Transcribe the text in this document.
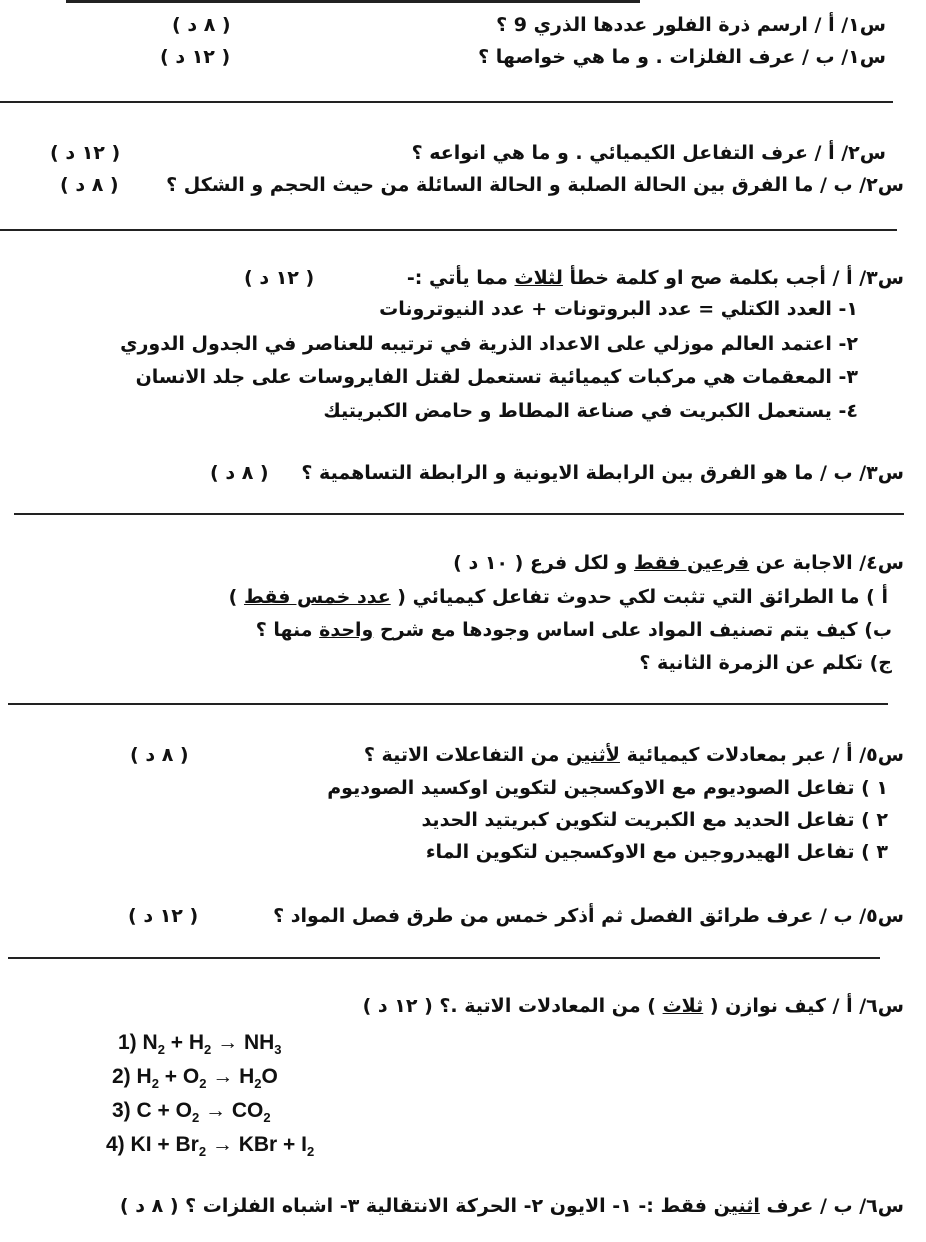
س١/ أ / ارسم ذرة الفلور عددها الذري 9 ؟
( ٨ د )
س١/ ب / عرف الفلزات . و ما هي خواصها ؟
( ١٢ د )
س٢/ أ / عرف التفاعل الكيميائي . و ما هي انواعه ؟
( ١٢ د )
س٢/ ب / ما الفرق بين الحالة الصلبة و الحالة السائلة من حيث الحجم و الشكل ؟
( ٨ د )
س٣/ أ / أجب بكلمة صح او كلمة خطأ لثلاث مما يأتي :-
( ١٢ د )
١- العدد الكتلي = عدد البروتونات + عدد النيوترونات
٢- اعتمد العالم موزلي على الاعداد الذرية في ترتيبه للعناصر في الجدول الدوري
٣- المعقمات هي مركبات كيميائية تستعمل لقتل الفايروسات على جلد الانسان
٤- يستعمل الكبريت في صناعة المطاط و حامض الكبريتيك
س٣/ ب / ما هو الفرق بين الرابطة الايونية و الرابطة التساهمية ؟
( ٨ د )
س٤/ الاجابة عن فرعين فقط و لكل فرع ( ١٠ د )
أ ) ما الطرائق التي تثبت لكي حدوث تفاعل كيميائي ( عدد خمس فقط )
ب) كيف يتم تصنيف المواد على اساس وجودها مع شرح واحدة منها ؟
ج) تكلم عن الزمرة الثانية ؟
س٥/ أ / عبر بمعادلات كيميائية لأثنين من التفاعلات الاتية ؟
( ٨ د )
١ ) تفاعل الصوديوم مع الاوكسجين لتكوين اوكسيد الصوديوم
٢ ) تفاعل الحديد مع الكبريت لتكوين كبريتيد الحديد
٣ ) تفاعل الهيدروجين مع الاوكسجين لتكوين الماء
س٥/ ب / عرف طرائق الفصل ثم أذكر خمس من طرق فصل المواد ؟
( ١٢ د )
س٦/ أ / كيف نوازن ( ثلاث ) من المعادلات الاتية .؟ ( ١٢ د )
1) $N_2 + H_2 \to NH_3$
2) $H_2 + O_2 \to H_2O$
3) $C + O_2 \to CO_2$
4) KI + $Br_2$ → KBr + $I_2$
س٦/ ب / عرف اثنين فقط :- ١- الايون ٢- الحركة الانتقالية ٣- اشباه الفلزات ؟ ( ٨ د )
